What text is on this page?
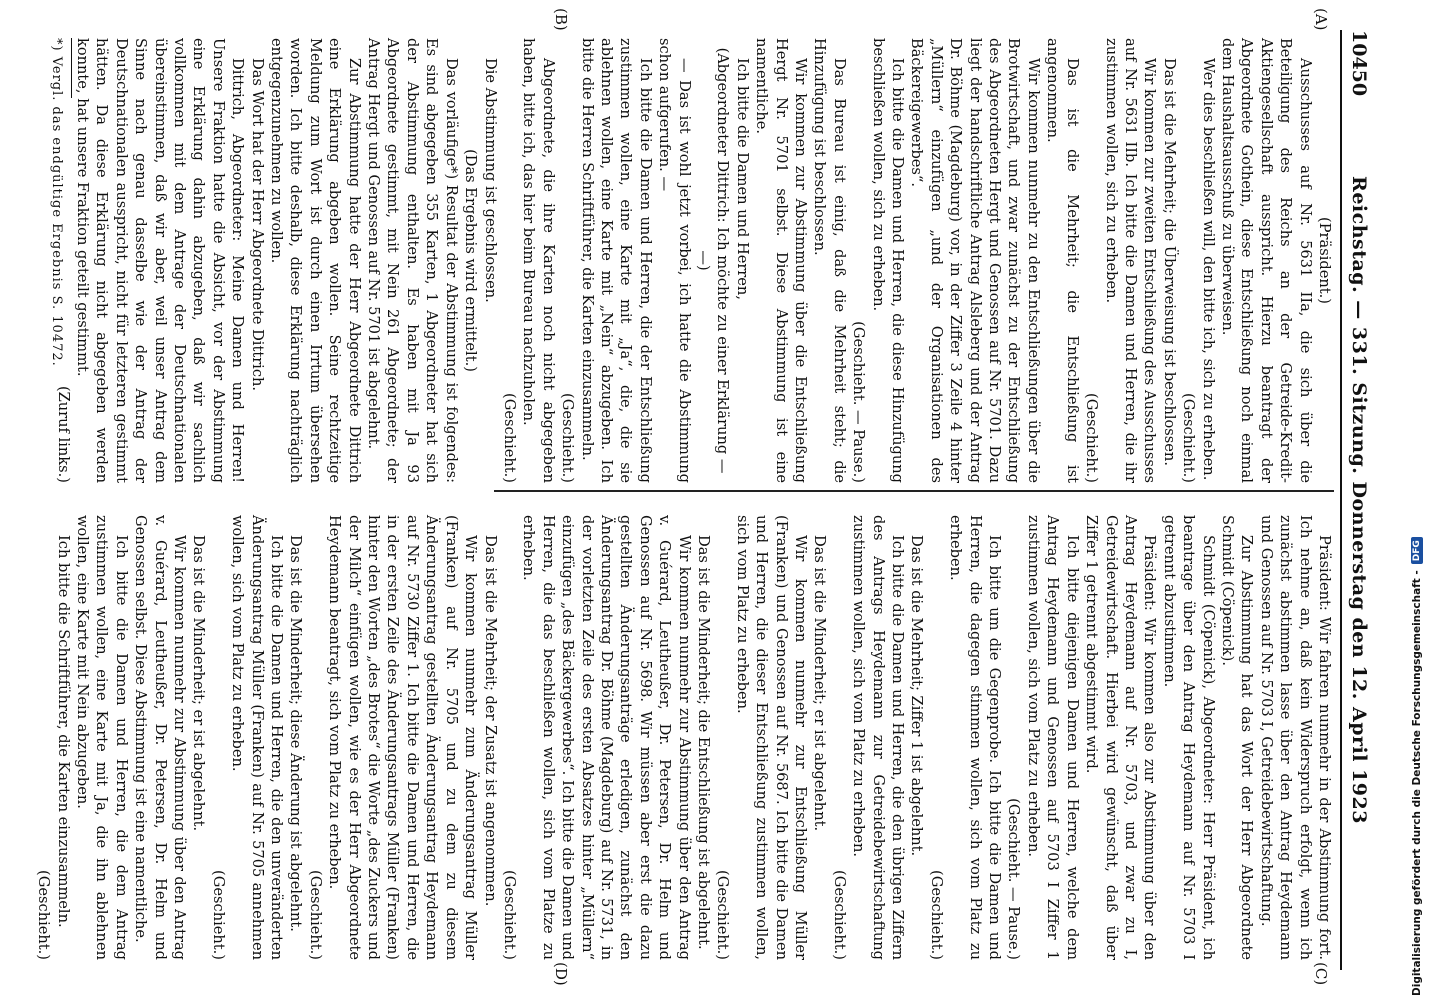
10450
Reichstag. — 331. Sitzung. Donnerstag den 12. April 1923
(A)
(B)
(C)
(D)

(Präsident.)

Ausschusses auf Nr. 5631 IIa, die sich über die Beteiligung des Reichs an der Getreide-Kredit-Aktiengesellschaft ausspricht. Hierzu beantragt der Abgeordnete Gothein, diese Entschließung noch einmal dem Haushaltsausschuß zu überweisen.

Wer dies beschließen will, den bitte ich, sich zu erheben.

(Geschieht.)

Das ist die Mehrheit; die Überweisung ist beschlossen.

Wir kommen zur zweiten Entschließung des Ausschusses auf Nr. 5631 IIb. Ich bitte die Damen und Herren, die ihr zustimmen wollen, sich zu erheben.

(Geschieht.)

Das ist die Mehrheit; die Entschließung ist angenommen.

Wir kommen nunmehr zu den Entschließungen über die Brotwirtschaft, und zwar zunächst zu der Entschließung des Abgeordneten Hergt und Genossen auf Nr. 5701. Dazu liegt der handschriftliche Antrag Alsleberg und der Antrag Dr. Böhme (Magdeburg) vor, in der Ziffer 3 Zeile 4 hinter „Müllern“ einzufügen „und der Organisationen des Bäckereigewerbes“.

Ich bitte die Damen und Herren, die diese Hinzufügung beschließen wollen, sich zu erheben.

(Geschieht. — Pause.)

Das Bureau ist einig, daß die Mehrheit steht; die Hinzufügung ist beschlossen.

Wir kommen zur Abstimmung über die Entschließung Hergt Nr. 5701 selbst. Diese Abstimmung ist eine namentliche.

Ich bitte die Damen und Herren,

(Abgeordneter Dittrich: Ich möchte zu einer Erklärung — —)

— Das ist wohl jetzt vorbei, ich hatte die Abstimmung schon aufgerufen. —

Ich bitte die Damen und Herren, die der Entschließung zustimmen wollen, eine Karte mit „Ja“, die, die sie ablehnen wollen, eine Karte mit „Nein“ abzugeben. Ich bitte die Herren Schriftführer, die Karten einzusammeln.

(Geschieht.)

Abgeordnete, die ihre Karten noch nicht abgegeben haben, bitte ich, das hier beim Bureau nachzuholen.

(Geschieht.)

Die Abstimmung ist geschlossen.

(Das Ergebnis wird ermittelt.)

Das vorläufige*) Resultat der Abstimmung ist folgendes: Es sind abgegeben 355 Karten, 1 Abgeordneter hat sich der Abstimmung enthalten. Es haben mit Ja 93 Abgeordnete gestimmt, mit Nein 261 Abgeordnete; der Antrag Hergt und Genossen auf Nr. 5701 ist abgelehnt.

Zur Abstimmung hatte der Herr Abgeordnete Dittrich eine Erklärung abgeben wollen. Seine rechtzeitige Meldung zum Wort ist durch einen Irrtum übersehen worden. Ich bitte deshalb, diese Erklärung nachträglich entgegenzunehmen zu wollen.

Das Wort hat der Herr Abgeordnete Dittrich.

Dittrich, Abgeordneter: Meine Damen und Herren! Unsere Fraktion hatte die Absicht, vor der Abstimmung eine Erklärung dahin abzugeben, daß wir sachlich vollkommen mit dem Antrage der Deutschnationalen übereinstimmen, daß wir aber, weil unser Antrag dem Sinne nach genau dasselbe wie der Antrag der Deutschnationalen ausspricht, nicht für letzteren gestimmt hätten. Da diese Erklärung nicht abgegeben werden konnte, hat unsere Fraktion geteilt gestimmt.

(Zuruf links.)

Präsident: Wir fahren nunmehr in der Abstimmung fort. Ich nehme an, daß kein Widerspruch erfolgt, wenn ich zunächst abstimmen lasse über den Antrag Heydemann und Genossen auf Nr. 5703 I, Getreidebewirtschaftung.

Zur Abstimmung hat das Wort der Herr Abgeordnete Schmidt (Cöpenick).

Schmidt (Cöpenick), Abgeordneter: Herr Präsident, ich beantrage über den Antrag Heydemann auf Nr. 5703 I getrennt abzustimmen.

Präsident: Wir kommen also zur Abstimmung über den Antrag Heydemann auf Nr. 5703, und zwar zu I, Getreidewirtschaft. Hierbei wird gewünscht, daß über Ziffer 1 getrennt abgestimmt wird.

Ich bitte diejenigen Damen und Herren, welche dem Antrag Heydemann und Genossen auf 5703 I Ziffer 1 zustimmen wollen, sich vom Platz zu erheben.

(Geschieht. — Pause.)

Ich bitte um die Gegenprobe. Ich bitte die Damen und Herren, die dagegen stimmen wollen, sich vom Platz zu erheben.

(Geschieht.)

Das ist die Mehrheit; Ziffer 1 ist abgelehnt.

Ich bitte die Damen und Herren, die den übrigen Ziffern des Antrags Heydemann zur Getreidebewirtschaftung zustimmen wollen, sich vom Platz zu erheben.

(Geschieht.)

Das ist die Minderheit; er ist abgelehnt.

Wir kommen nunmehr zur Entschließung Müller (Franken) und Genossen auf Nr. 5687. Ich bitte die Damen und Herren, die dieser Entschließung zustimmen wollen, sich vom Platz zu erheben.

(Geschieht.)

Das ist die Minderheit; die Entschließung ist abgelehnt.

Wir kommen nunmehr zur Abstimmung über den Antrag v. Guérard, Leutheußer, Dr. Petersen, Dr. Helm und Genossen auf Nr. 5698. Wir müssen aber erst die dazu gestellten Änderungsanträge erledigen, zunächst den Änderungsantrag Dr. Böhme (Magdeburg) auf Nr. 5731, in der vorletzten Zeile des ersten Absatzes hinter „Müllern“ einzufügen „des Bäckergewerbes“. Ich bitte die Damen und Herren, die das beschließen wollen, sich vom Platze zu erheben.

(Geschieht.)

Das ist die Mehrheit; der Zusatz ist angenommen.

Wir kommen nunmehr zum Änderungsantrag Müller (Franken) auf Nr. 5705 und zu dem zu diesem Änderungsantrag gestellten Änderungsantrag Heydemann auf Nr. 5730 Ziffer 1. Ich bitte die Damen und Herren, die in der ersten Zeile des Änderungsantrags Müller (Franken) hinter den Worten „des Brotes“ die Worte „des Zuckers und der Milch“ einfügen wollen, wie es der Herr Abgeordnete Heydemann beantragt, sich vom Platz zu erheben.

(Geschieht.)

Das ist die Minderheit; diese Änderung ist abgelehnt.

Ich bitte die Damen und Herren, die den unveränderten Änderungsantrag Müller (Franken) auf Nr. 5705 annehmen wollen, sich vom Platz zu erheben.

(Geschieht.)

Das ist die Minderheit; er ist abgelehnt.

Wir kommen nunmehr zur Abstimmung über den Antrag v. Guérard, Leutheußer, Dr. Petersen, Dr. Helm und Genossen selbst. Diese Abstimmung ist eine namentliche.

Ich bitte die Damen und Herren, die dem Antrag zustimmen wollen, eine Karte mit Ja, die ihn ablehnen wollen, eine Karte mit Nein abzugeben.

Ich bitte die Schriftführer, die Karten einzusammeln.

(Geschieht.)

*) Vergl. das endgültige Ergebnis S. 10472.
Digitalisierung gefördert durch die Deutsche Forschungsgemeinschaft -
DFG
